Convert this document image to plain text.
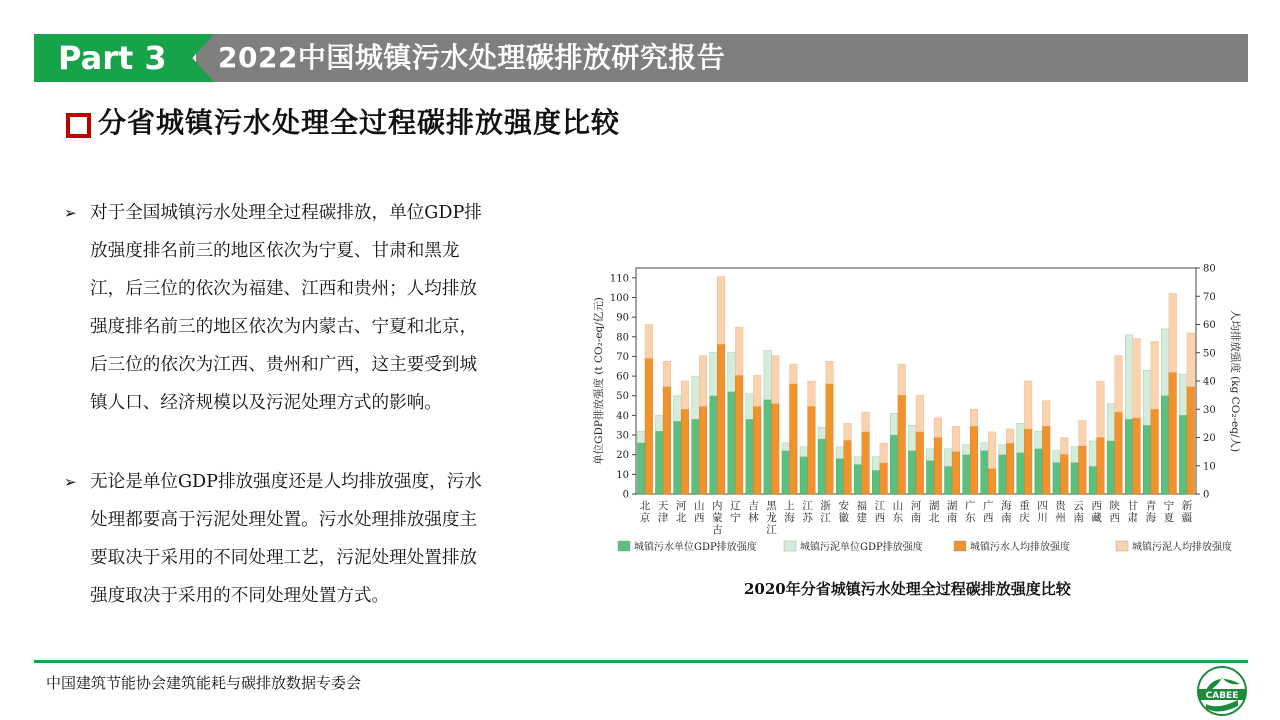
Part 3 2022中国城镇污水处理碳排放研究报告
分省城镇污水处理全过程碳排放强度比较
➢ 对于全国城镇污水处理全过程碳排放，单位GDP排
放强度排名前三的地区依次为宁夏、甘肃和黑龙
江，后三位的依次为福建、江西和贵州；人均排放
强度排名前三的地区依次为内蒙古、宁夏和北京，
后三位的依次为江西、贵州和广西，这主要受到城
镇人口、经济规模以及污泥处理方式的影响。
➢ 无论是单位GDP排放强度还是人均排放强度，污水
处理都要高于污泥处理处置。污水处理排放强度主
要取决于采用的不同处理工艺，污泥处理处置排放
强度取决于采用的不同处理处置方式。
0
10
20
30
40
50
60
70
80
90
100
110
0
10
20
30
40
50
60
70
80
单位GDP排放强度 (t CO₂-eq/亿元)	人均排放强度 (kg CO₂-eq/人)
北
京
天
津
河
北
山
西
内
蒙
古
辽
宁
吉
林
黑
龙
江
上
海
江
苏
浙
江
安
徽
福
建
江
西
山
东
河
南
湖
北
湖
南
广
东
广
西
海
南
重
庆
四
川
贵
州
云
南
西
藏
陕
西
甘
肃
青
海
宁
夏
新
疆
城镇污水单位GDP排放强度	城镇污泥单位GDP排放强度	城镇污水人均排放强度	城镇污泥人均排放强度
2020年分省城镇污水处理全过程碳排放强度比较
中国建筑节能协会建筑能耗与碳排放数据专委会
CABEE
